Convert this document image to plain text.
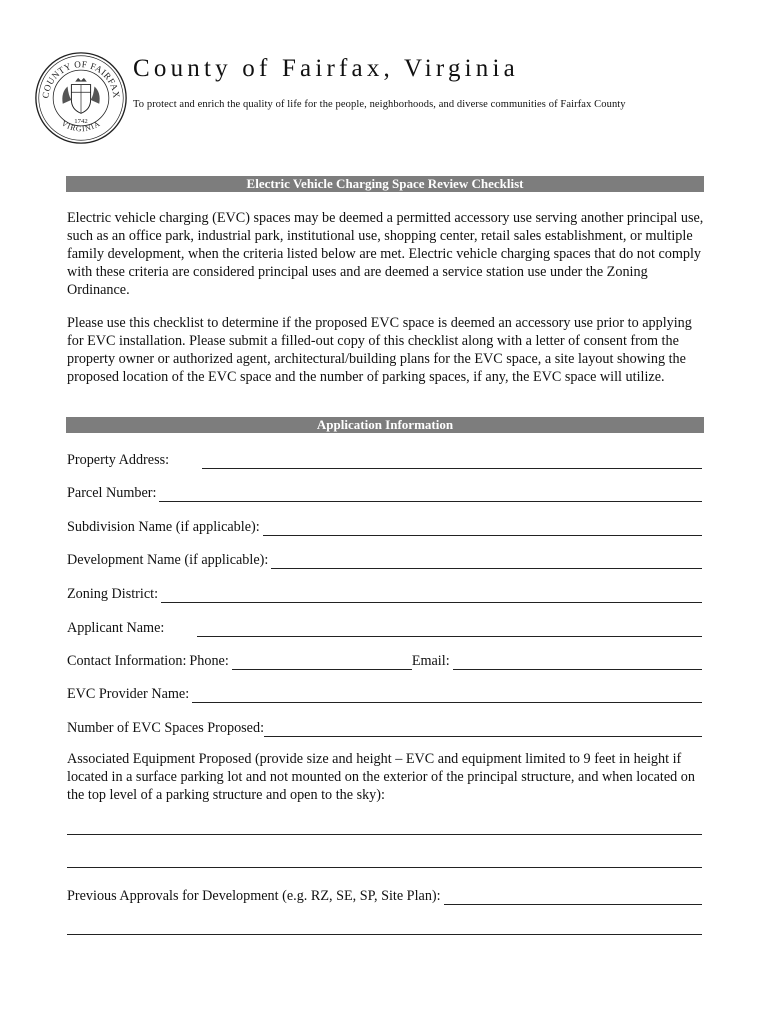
COUNTY OF FAIRFAX
VIRGINIA
1742
County of Fairfax, Virginia
To protect and enrich the quality of life for the people, neighborhoods, and diverse communities of Fairfax County
Electric Vehicle Charging Space Review Checklist

Electric vehicle charging (EVC) spaces may be deemed a permitted accessory use serving another principal use, such as an office park, industrial park, institutional use, shopping center, retail sales establishment, or multiple family development, when the criteria listed below are met. Electric vehicle charging spaces that do not comply with these criteria are considered principal uses and are deemed a service station use under the Zoning Ordinance.

Please use this checklist to determine if the proposed EVC space is deemed an accessory use prior to applying for EVC installation. Please submit a filled-out copy of this checklist along with a letter of consent from the property owner or authorized agent, architectural/building plans for the EVC space, a site layout showing the proposed location of the EVC space and the number of parking spaces, if any, the EVC space will utilize.

Application Information
Property Address:
Parcel Number:
Subdivision Name (if applicable):
Development Name (if applicable):
Zoning District:
Applicant Name:
Contact Information: Phone:	Email:
EVC Provider Name:
Number of EVC Spaces Proposed:

Associated Equipment Proposed (provide size and height – EVC and equipment limited to 9 feet in height if located in a surface parking lot and not mounted on the exterior of the principal structure, and when located on the top level of a parking structure and open to the sky):

Previous Approvals for Development (e.g. RZ, SE, SP, Site Plan):
